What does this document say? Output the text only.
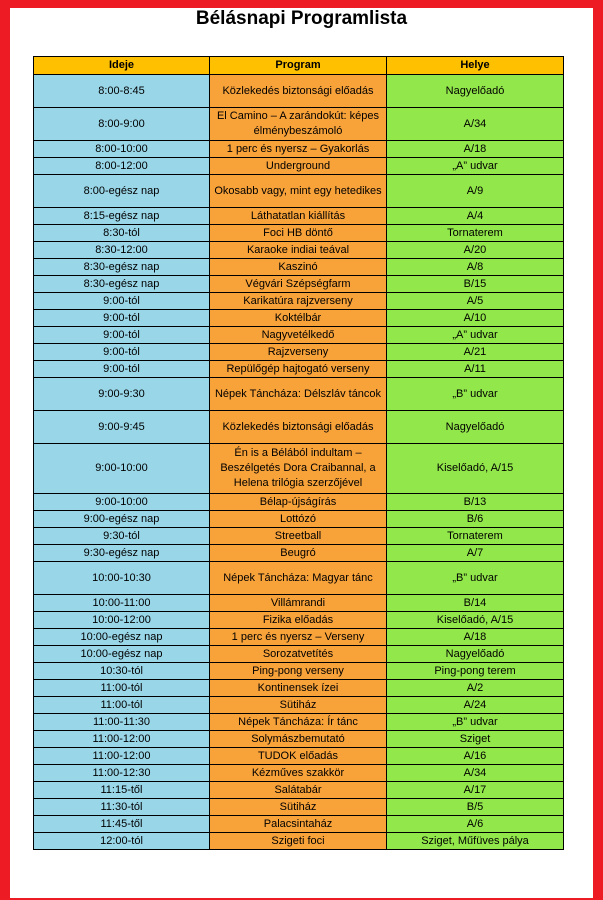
Bélásnapi Programlista
Ideje	Program	Helye
8:00-8:45	Közlekedés biztonsági előadás	Nagyelőadó
8:00-9:00	El Camino – A zarándokút: képes élménybeszámoló	A/34
8:00-10:00	1 perc és nyersz – Gyakorlás	A/18
8:00-12:00	Underground	„A” udvar
8:00-egész nap	Okosabb vagy, mint egy hetedikes	A/9
8:15-egész nap	Láthatatlan kiállítás	A/4
8:30-tól	Foci HB döntő	Tornaterem
8:30-12:00	Karaoke indiai teával	A/20
8:30-egész nap	Kaszinó	A/8
8:30-egész nap	Végvári Szépségfarm	B/15
9:00-tól	Karikatúra rajzverseny	A/5
9:00-tól	Koktélbár	A/10
9:00-tól	Nagyvetélkedő	„A” udvar
9:00-tól	Rajzverseny	A/21
9:00-tól	Repülőgép hajtogató verseny	A/11
9:00-9:30	Népek Táncháza: Délszláv táncok	„B” udvar
9:00-9:45	Közlekedés biztonsági előadás	Nagyelőadó
9:00-10:00	Én is a Bélából indultam – Beszélgetés Dora Craibannal, a Helena trilógia szerzőjével	Kiselőadó, A/15
9:00-10:00	Bélap-újságírás	B/13
9:00-egész nap	Lottózó	B/6
9:30-tól	Streetball	Tornaterem
9:30-egész nap	Beugró	A/7
10:00-10:30	Népek Táncháza: Magyar tánc	„B” udvar
10:00-11:00	Villámrandi	B/14
10:00-12:00	Fizika előadás	Kiselőadó, A/15
10:00-egész nap	1 perc és nyersz – Verseny	A/18
10:00-egész nap	Sorozatvetítés	Nagyelőadó
10:30-tól	Ping-pong verseny	Ping-pong terem
11:00-tól	Kontinensek ízei	A/2
11:00-tól	Sütiház	A/24
11:00-11:30	Népek Táncháza: Ír tánc	„B” udvar
11:00-12:00	Solymászbemutató	Sziget
11:00-12:00	TUDOK előadás	A/16
11:00-12:30	Kézműves szakkör	A/34
11:15-től	Salátabár	A/17
11:30-tól	Sütiház	B/5
11:45-től	Palacsintaház	A/6
12:00-tól	Szigeti foci	Sziget, Műfüves pálya
